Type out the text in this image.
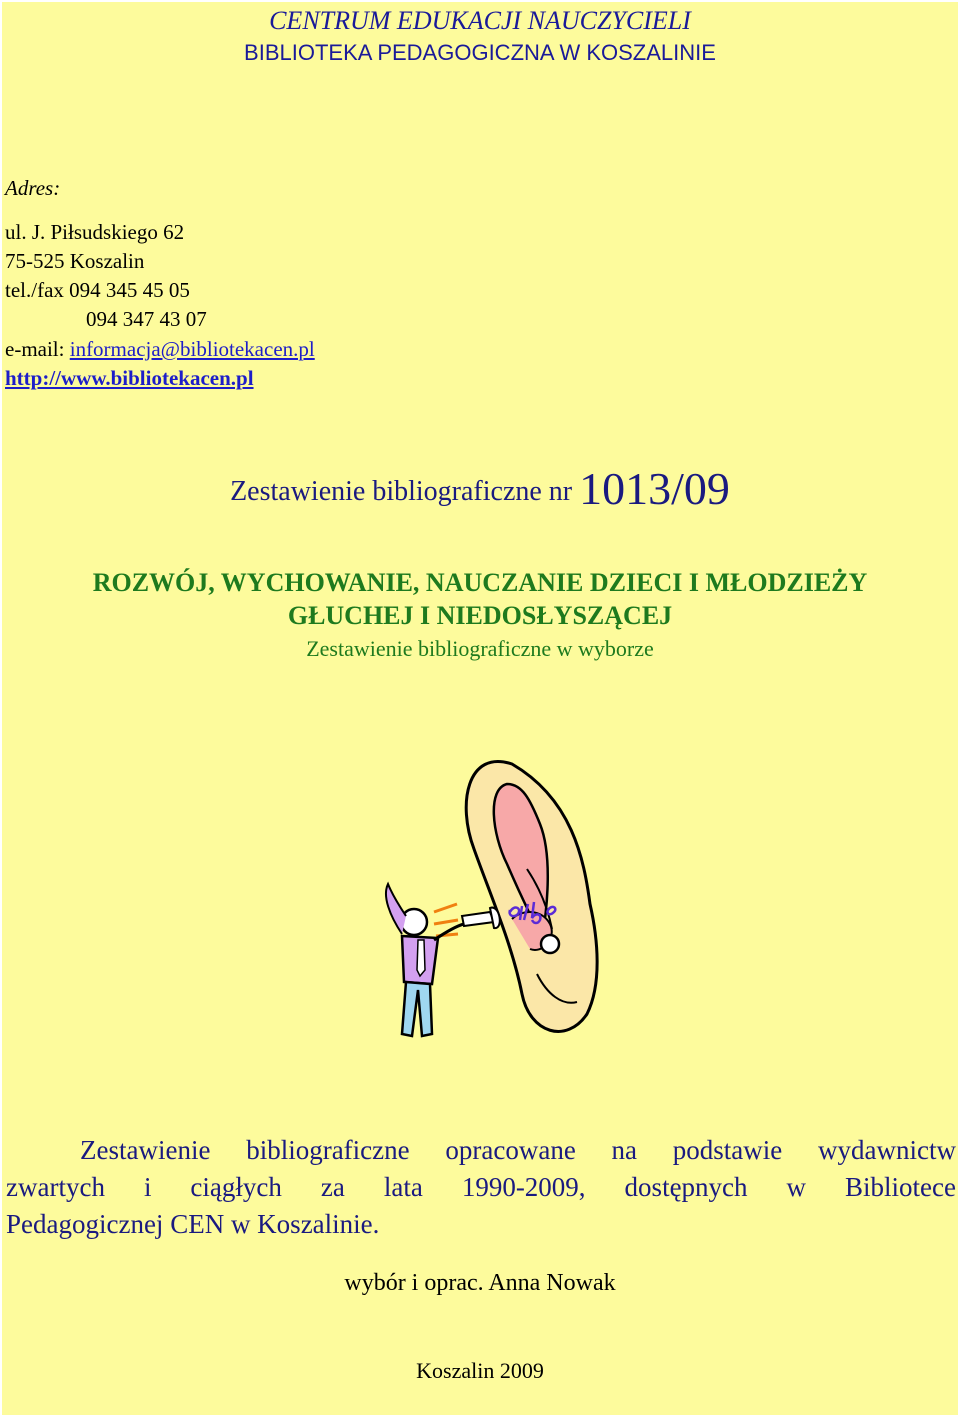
CENTRUM EDUKACJI NAUCZYCIELI
BIBLIOTEKA PEDAGOGICZNA W KOSZALINIE
Adres:
ul. J. Piłsudskiego 62
75-525 Koszalin
tel./fax 094 345 45 05
094 347 43 07
e-mail: informacja@bibliotekacen.pl
http://www.bibliotekacen.pl
Zestawienie bibliograficzne nr 1013/09
ROZWÓJ, WYCHOWANIE, NAUCZANIE DZIECI I MŁODZIEŻY
GŁUCHEJ I NIEDOSŁYSZĄCEJ
Zestawienie bibliograficzne w wyborze
Zestawienie bibliograficzne opracowane na podstawie wydawnictw
zwartych i ciągłych za lata 1990-2009, dostępnych w Bibliotece
Pedagogicznej CEN w Koszalinie.
wybór i oprac. Anna Nowak
Koszalin 2009
